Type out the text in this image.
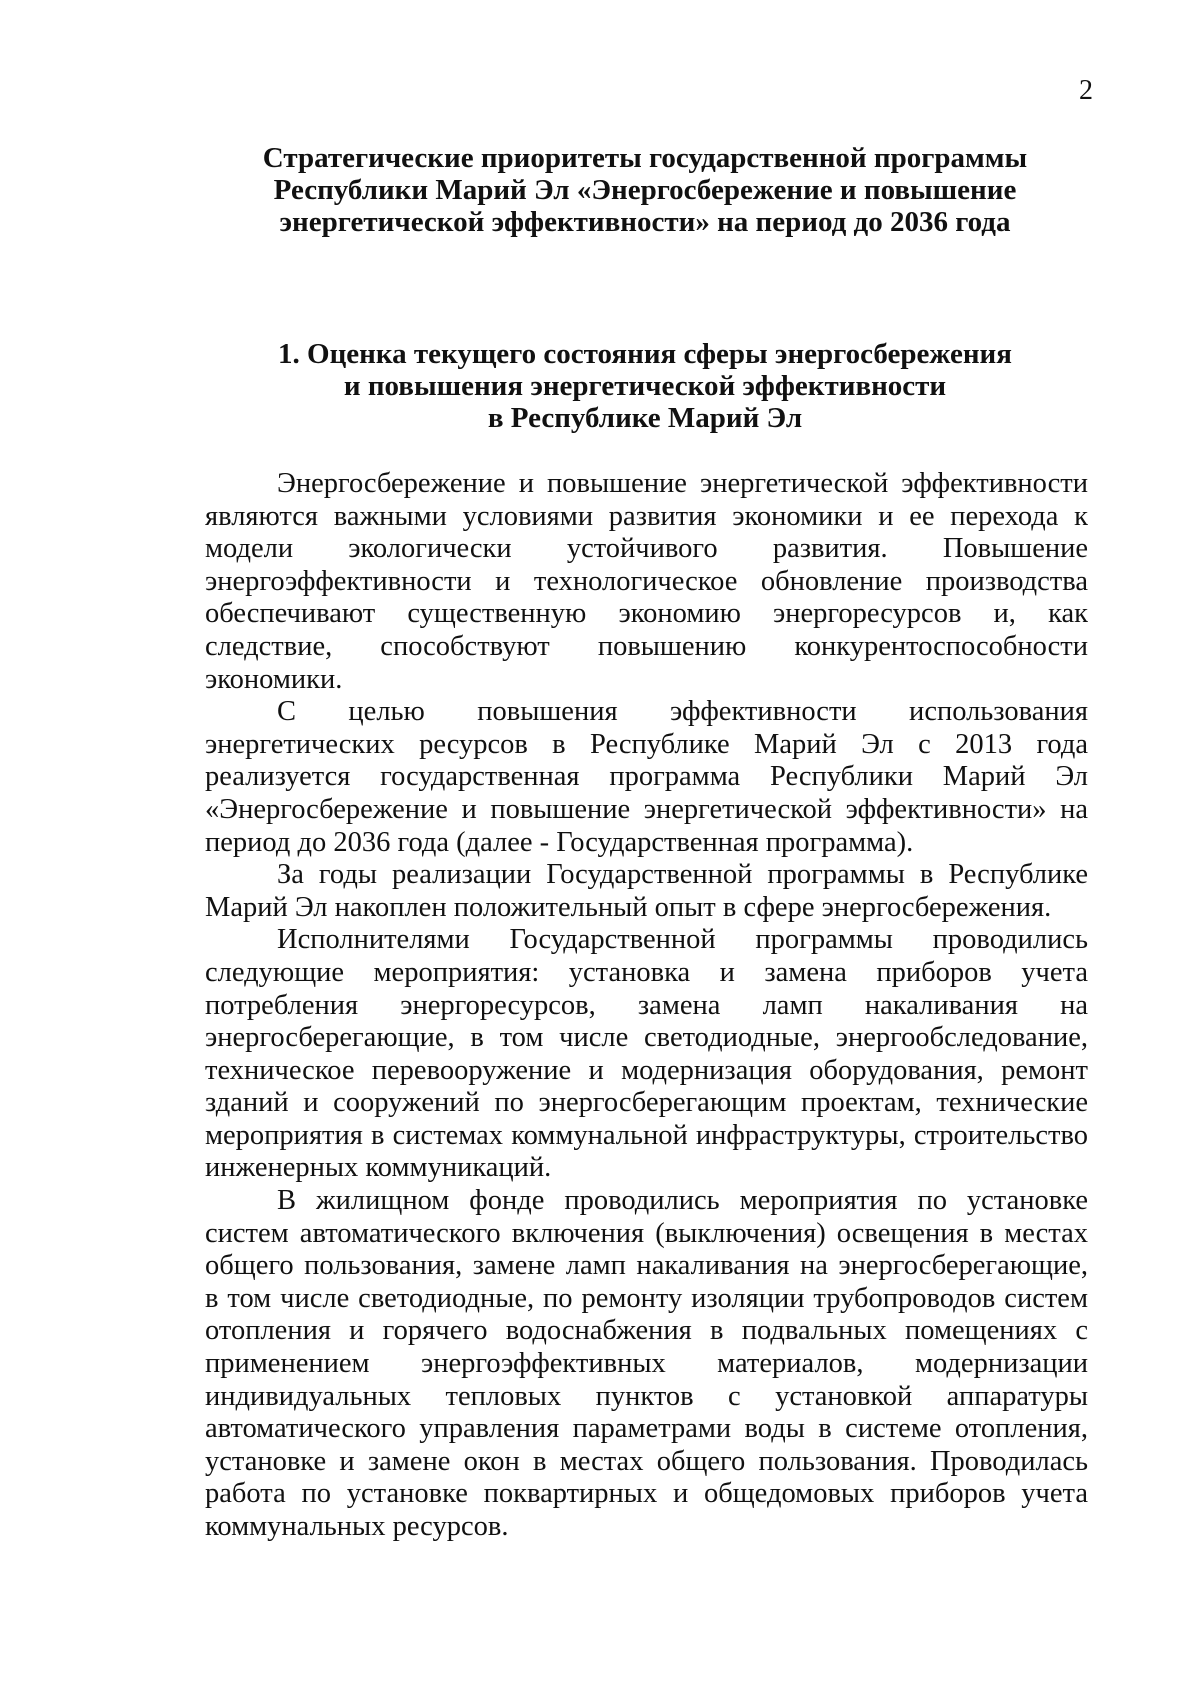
2
Стратегические приоритеты государственной программы
Республики Марий Эл «Энергосбережение и повышение
энергетической эффективности» на период до 2036 года
1. Оценка текущего состояния сферы энергосбережения
и повышения энергетической эффективности
в Республике Марий Эл

Энергосбережение и повышение энергетической эффективности являются важными условиями развития экономики и ее перехода к модели экологически устойчивого развития. Повышение энергоэффективности и технологическое обновление производства обеспечивают существенную экономию энергоресурсов и, как следствие, способствуют повышению конкурентоспособности экономики.

С целью повышения эффективности использования энергетических ресурсов в Республике Марий Эл с 2013 года реализуется государственная программа Республики Марий Эл «Энергосбережение и повышение энергетической эффективности» на период до 2036 года (далее - Государственная программа).

За годы реализации Государственной программы в Республике Марий Эл накоплен положительный опыт в сфере энергосбережения.

Исполнителями Государственной программы проводились следующие мероприятия: установка и замена приборов учета потребления энергоресурсов, замена ламп накаливания на энергосберегающие, в том числе светодиодные, энергообследование, техническое перевооружение и модернизация оборудования, ремонт зданий и сооружений по энергосберегающим проектам, технические мероприятия в системах коммунальной инфраструктуры, строительство инженерных коммуникаций.

В жилищном фонде проводились мероприятия по установке систем автоматического включения (выключения) освещения в местах общего пользования, замене ламп накаливания на энергосберегающие, в том числе светодиодные, по ремонту изоляции трубопроводов систем отопления и горячего водоснабжения в подвальных помещениях с применением энергоэффективных материалов, модернизации индивидуальных тепловых пунктов с установкой аппаратуры автоматического управления параметрами воды в системе отопления, установке и замене окон в местах общего пользования. Проводилась работа по установке поквартирных и общедомовых приборов учета коммунальных ресурсов.
